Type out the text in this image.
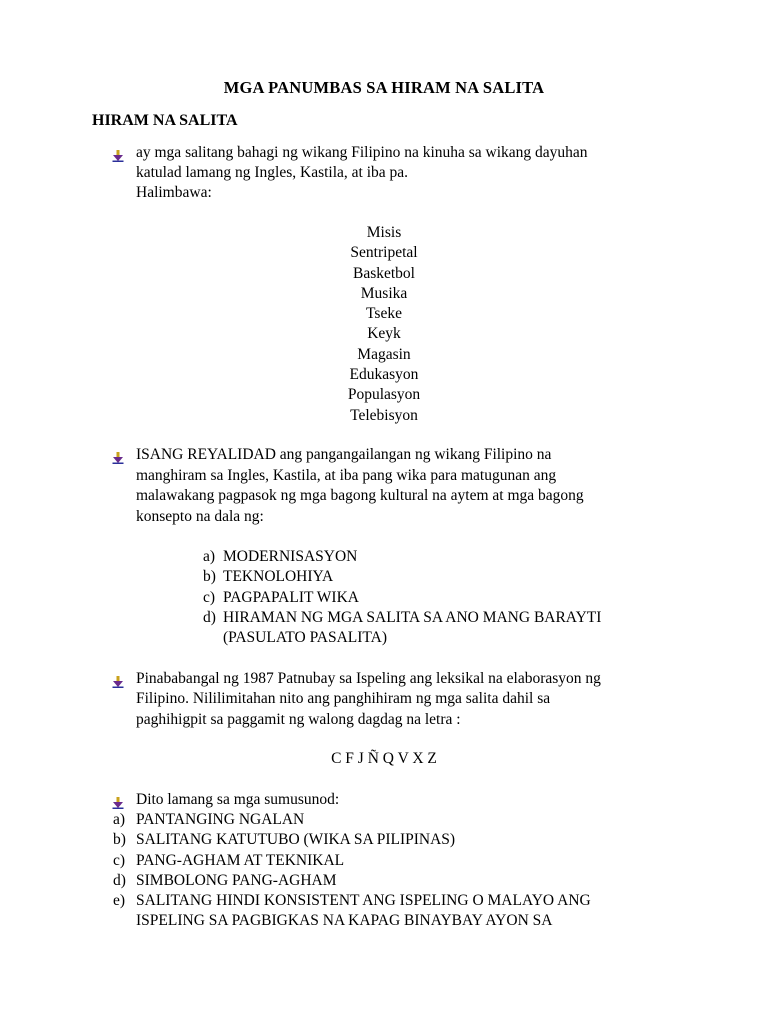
MGA PANUMBAS SA HIRAM NA SALITA
HIRAM NA SALITA
ay mga salitang bahagi ng wikang Filipino na kinuha sa wikang dayuhan
katulad lamang ng Ingles, Kastila, at iba pa.
Halimbawa:
Misis
Sentripetal
Basketbol
Musika
Tseke
Keyk
Magasin
Edukasyon
Populasyon
Telebisyon
ISANG REYALIDAD ang pangangailangan ng wikang Filipino na
manghiram sa Ingles, Kastila, at iba pang wika para matugunan ang
malawakang pagpasok ng mga bagong kultural na aytem at mga bagong
konsepto na dala ng:
a) MODERNISASYON
b) TEKNOLOHIYA
c) PAGPAPALIT WIKA
d) HIRAMAN NG MGA SALITA SA ANO MANG BARAYTI
(PASULATO PASALITA)
Pinababangal ng 1987 Patnubay sa Ispeling ang leksikal na elaborasyon ng
Filipino. Nililimitahan nito ang panghihiram ng mga salita dahil sa
paghihigpit sa paggamit ng walong dagdag na letra :
C F J Ñ Q V X Z
Dito lamang sa mga sumusunod:
a) PANTANGING NGALAN
b) SALITANG KATUTUBO (WIKA SA PILIPINAS)
c) PANG-AGHAM AT TEKNIKAL
d) SIMBOLONG PANG-AGHAM
e) SALITANG HINDI KONSISTENT ANG ISPELING O MALAYO ANG
ISPELING SA PAGBIGKAS NA KAPAG BINAYBAY AYON SA
